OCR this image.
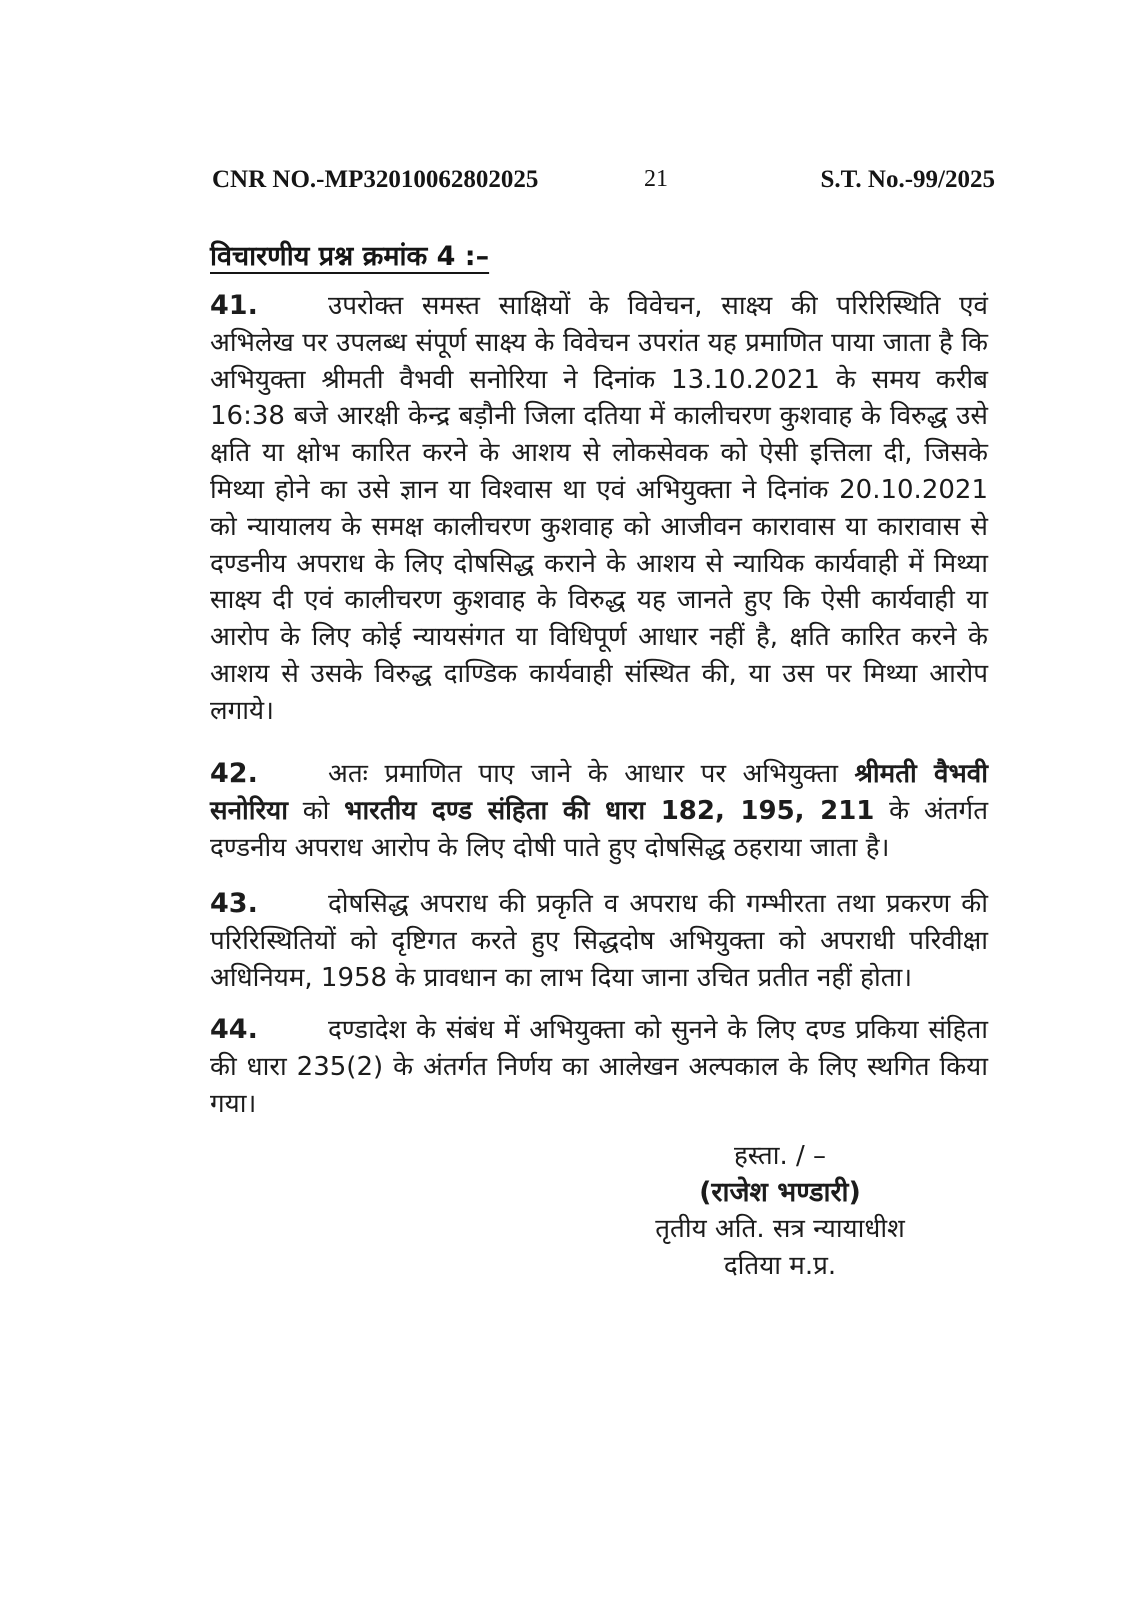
CNR NO.-MP32010062802025	21	S.T. No.-99/2025
विचारणीय प्रश्न क्रमांक 4 :–

41.	उपरोक्त समस्त साक्षियों के विवेचन, साक्ष्य की परिरिस्थिति एवं अभिलेख पर उपलब्ध संपूर्ण साक्ष्य के विवेचन उपरांत यह प्रमाणित पाया जाता है कि अभियुक्ता श्रीमती वैभवी सनोरिया ने दिनांक 13.10.2021 के समय करीब 16:38 बजे आरक्षी केन्द्र बड़ौनी जिला दतिया में कालीचरण कुशवाह के विरुद्ध उसे क्षति या क्षोभ कारित करने के आशय से लोकसेवक को ऐसी इत्तिला दी, जिसके मिथ्या होने का उसे ज्ञान या विश्वास था एवं अभियुक्ता ने दिनांक 20.10.2021 को न्यायालय के समक्ष कालीचरण कुशवाह को आजीवन कारावास या कारावास से दण्डनीय अपराध के लिए दोषसिद्ध कराने के आशय से न्यायिक कार्यवाही में मिथ्या साक्ष्य दी एवं कालीचरण कुशवाह के विरुद्ध यह जानते हुए कि ऐसी कार्यवाही या आरोप के लिए कोई न्यायसंगत या विधिपूर्ण आधार नहीं है, क्षति कारित करने के आशय से उसके विरुद्ध दाण्डिक कार्यवाही संस्थित की, या उस पर मिथ्या आरोप लगाये।

42.	अतः प्रमाणित पाए जाने के आधार पर अभियुक्ता श्रीमती वैभवी सनोरिया को भारतीय दण्ड संहिता की धारा 182, 195, 211 के अंतर्गत दण्डनीय अपराध आरोप के लिए दोषी पाते हुए दोषसिद्ध ठहराया जाता है।

43.	दोषसिद्ध अपराध की प्रकृति व अपराध की गम्भीरता तथा प्रकरण की परिरिस्थितियों को दृष्टिगत करते हुए सिद्धदोष अभियुक्ता को अपराधी परिवीक्षा अधिनियम, 1958 के प्रावधान का लाभ दिया जाना उचित प्रतीत नहीं होता।

44.	दण्डादेश के संबंध में अभियुक्ता को सुनने के लिए दण्ड प्रकिया संहिता की धारा 235(2) के अंतर्गत निर्णय का आलेखन अल्पकाल के लिए स्थगित किया गया।

हस्ता. / –
(राजेश भण्डारी)
तृतीय अति. सत्र न्यायाधीश
दतिया म.प्र.
